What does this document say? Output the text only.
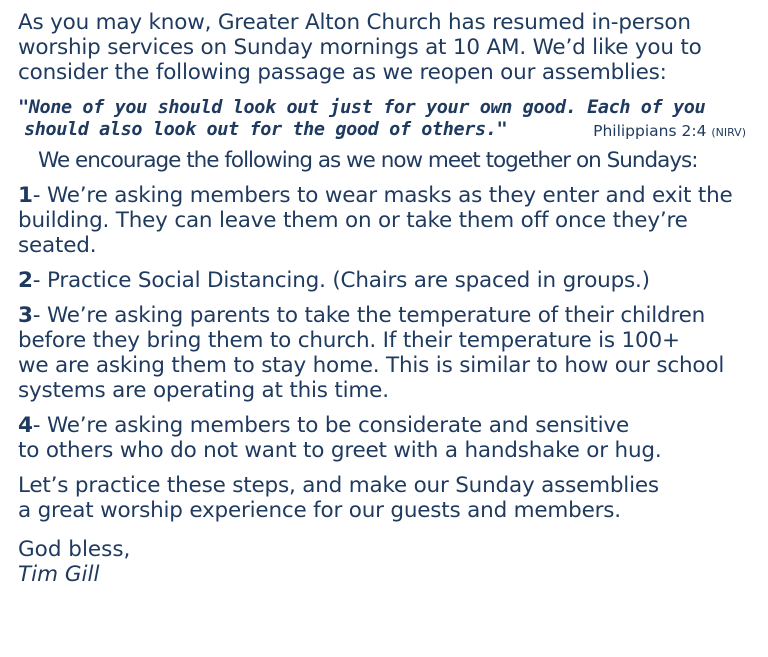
As you may know, Greater Alton Church has resumed in-person
worship services on Sunday mornings at 10 AM. We’d like you to
consider the following passage as we reopen our assemblies:

"None of you should look out just for your own good. Each of you
should also look out for the good of others."	Philippians 2:4 (NIRV)
We encourage the following as we now meet together on Sundays:

1- We’re asking members to wear masks as they enter and exit the
building. They can leave them on or take them off once they’re
seated.

2- Practice Social Distancing. (Chairs are spaced in groups.)

3- We’re asking parents to take the temperature of their children
before they bring them to church. If their temperature is 100+
we are asking them to stay home. This is similar to how our school
systems are operating at this time.

4- We’re asking members to be considerate and sensitive
to others who do not want to greet with a handshake or hug.

Let’s practice these steps, and make our Sunday assemblies
a great worship experience for our guests and members.

God bless,
Tim Gill
